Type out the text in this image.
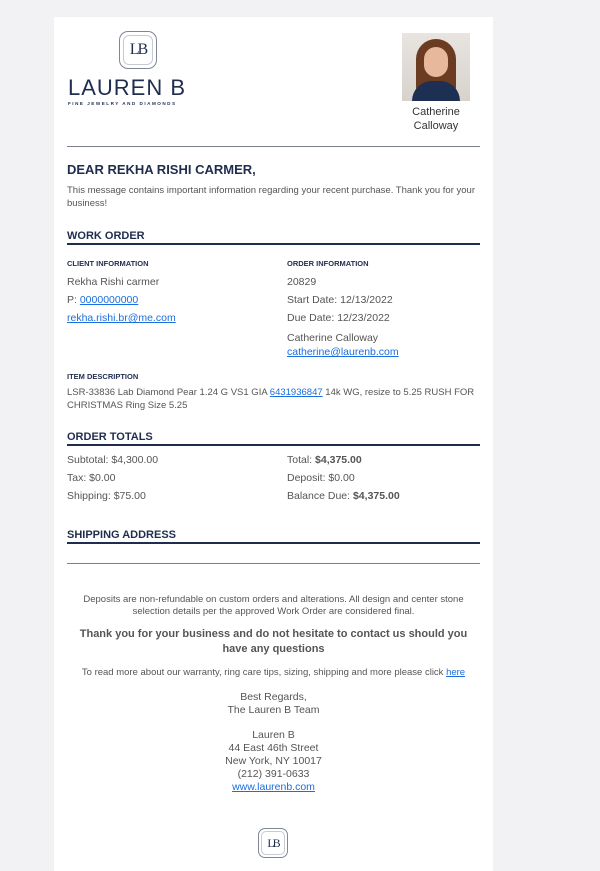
LB
LAUREN B
FINE JEWELRY AND DIAMONDS
Catherine
Calloway
DEAR REKHA RISHI CARMER,
This message contains important information regarding your recent purchase. Thank you for your business!
WORK ORDER
CLIENT INFORMATION
Rekha Rishi carmer
P: 0000000000
rekha.rishi.br@me.com
ORDER INFORMATION
20829
Start Date: 12/13/2022
Due Date: 12/23/2022
Catherine Calloway
catherine@laurenb.com
ITEM DESCRIPTION
LSR-33836 Lab Diamond Pear 1.24 G VS1 GIA 6431936847 14k WG, resize to 5.25 RUSH FOR CHRISTMAS Ring Size 5.25
ORDER TOTALS
Subtotal: $4,300.00
Tax: $0.00
Shipping: $75.00
Total: $4,375.00
Deposit: $0.00
Balance Due: $4,375.00
SHIPPING ADDRESS
Deposits are non-refundable on custom orders and alterations. All design and center stone selection details per the approved Work Order are considered final.
Thank you for your business and do not hesitate to contact us should you have any questions
To read more about our warranty, ring care tips, sizing, shipping and more please click here
Best Regards,
The Lauren B Team
Lauren B
44 East 46th Street
New York, NY 10017
(212) 391-0633
www.laurenb.com
LB
